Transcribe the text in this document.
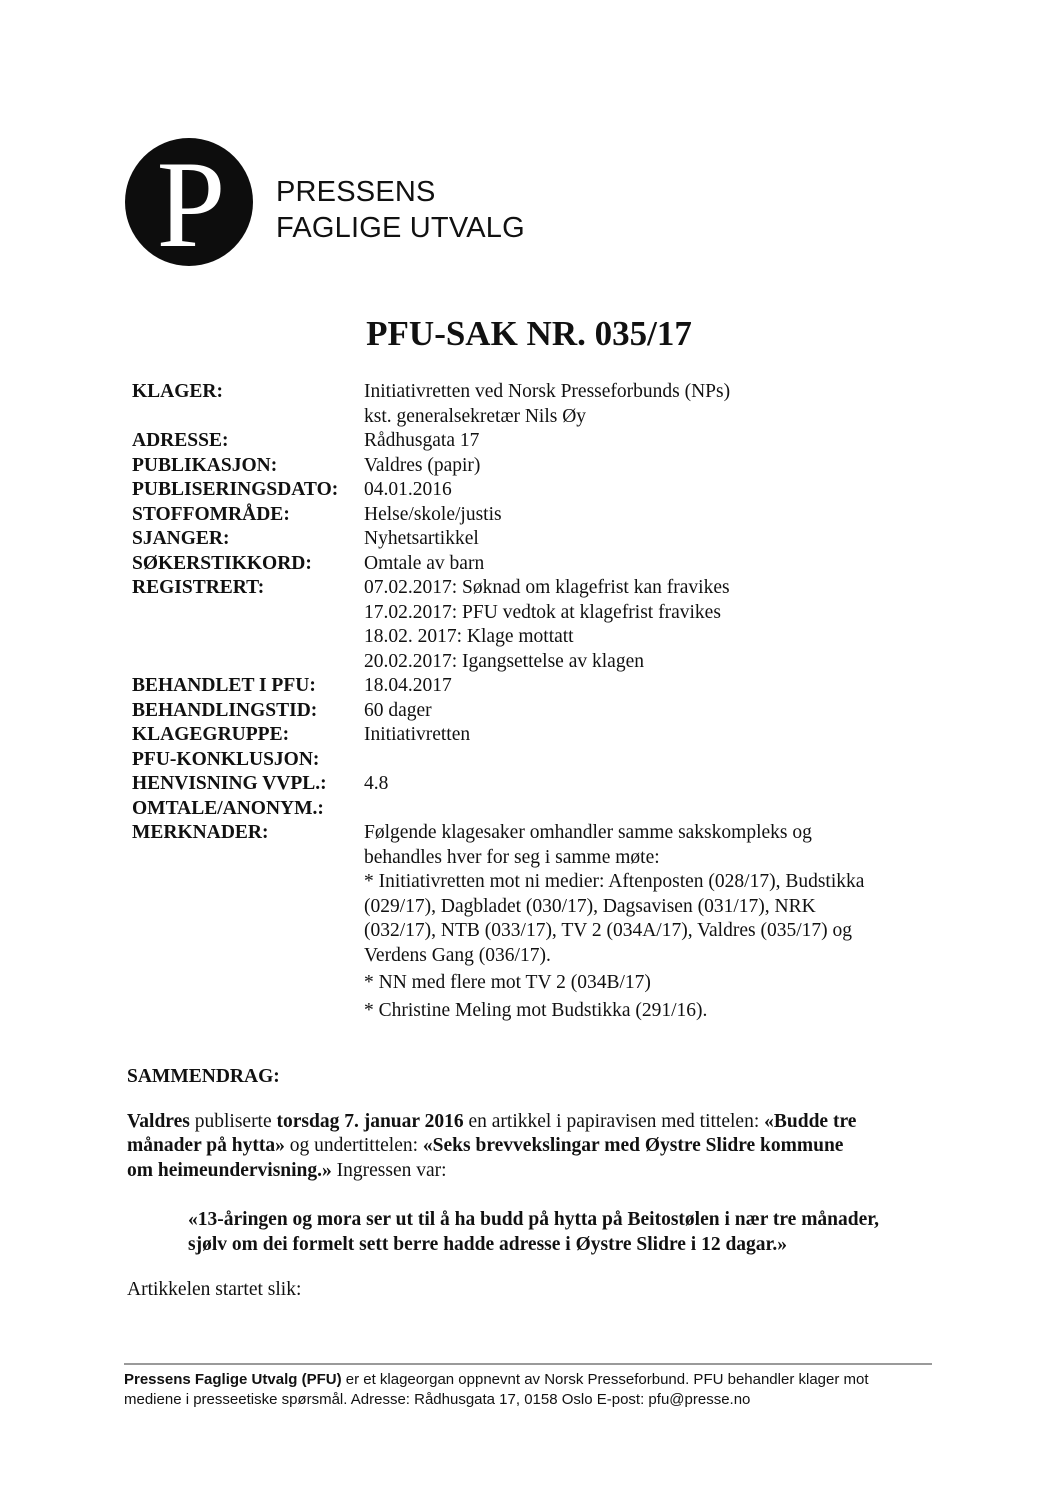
P PRESSENS
FAGLIGE UTVALG
PFU-SAK NR. 035/17
KLAGER:	Initiativretten ved Norsk Presseforbunds (NPs)
kst. generalsekretær Nils Øy
ADRESSE:	Rådhusgata 17
PUBLIKASJON:	Valdres (papir)
PUBLISERINGSDATO: 04.01.2016
STOFFOMRÅDE:	Helse/skole/justis
SJANGER:	Nyhetsartikkel
SØKERSTIKKORD:	Omtale av barn
REGISTRERT:	07.02.2017: Søknad om klagefrist kan fravikes
17.02.2017: PFU vedtok at klagefrist fravikes
18.02. 2017: Klage mottatt
20.02.2017: Igangsettelse av klagen
BEHANDLET I PFU: 18.04.2017
BEHANDLINGSTID: 60 dager
KLAGEGRUPPE:	Initiativretten
PFU-KONKLUSJON:
HENVISNING VVPL.: 4.8
OMTALE/ANONYM.:
MERKNADER:	Følgende klagesaker omhandler samme sakskompleks og
behandles hver for seg i samme møte:
* Initiativretten mot ni medier: Aftenposten (028/17), Budstikka
(029/17), Dagbladet (030/17), Dagsavisen (031/17), NRK
(032/17), NTB (033/17), TV 2 (034A/17), Valdres (035/17) og
Verdens Gang (036/17).
* NN med flere mot TV 2 (034B/17)
* Christine Meling mot Budstikka (291/16).
SAMMENDRAG:
Valdres publiserte torsdag 7. januar 2016 en artikkel i papiravisen med tittelen: «Budde tre
månader på hytta» og undertittelen: «Seks brevvekslingar med Øystre Slidre kommune
om heimeundervisning.» Ingressen var:
«13-åringen og mora ser ut til å ha budd på hytta på Beitostølen i nær tre månader,
sjølv om dei formelt sett berre hadde adresse i Øystre Slidre i 12 dagar.»
Artikkelen startet slik:
Pressens Faglige Utvalg (PFU) er et klageorgan oppnevnt av Norsk Presseforbund. PFU behandler klager mot
mediene i presseetiske spørsmål. Adresse: Rådhusgata 17, 0158 Oslo E-post: pfu@presse.no
